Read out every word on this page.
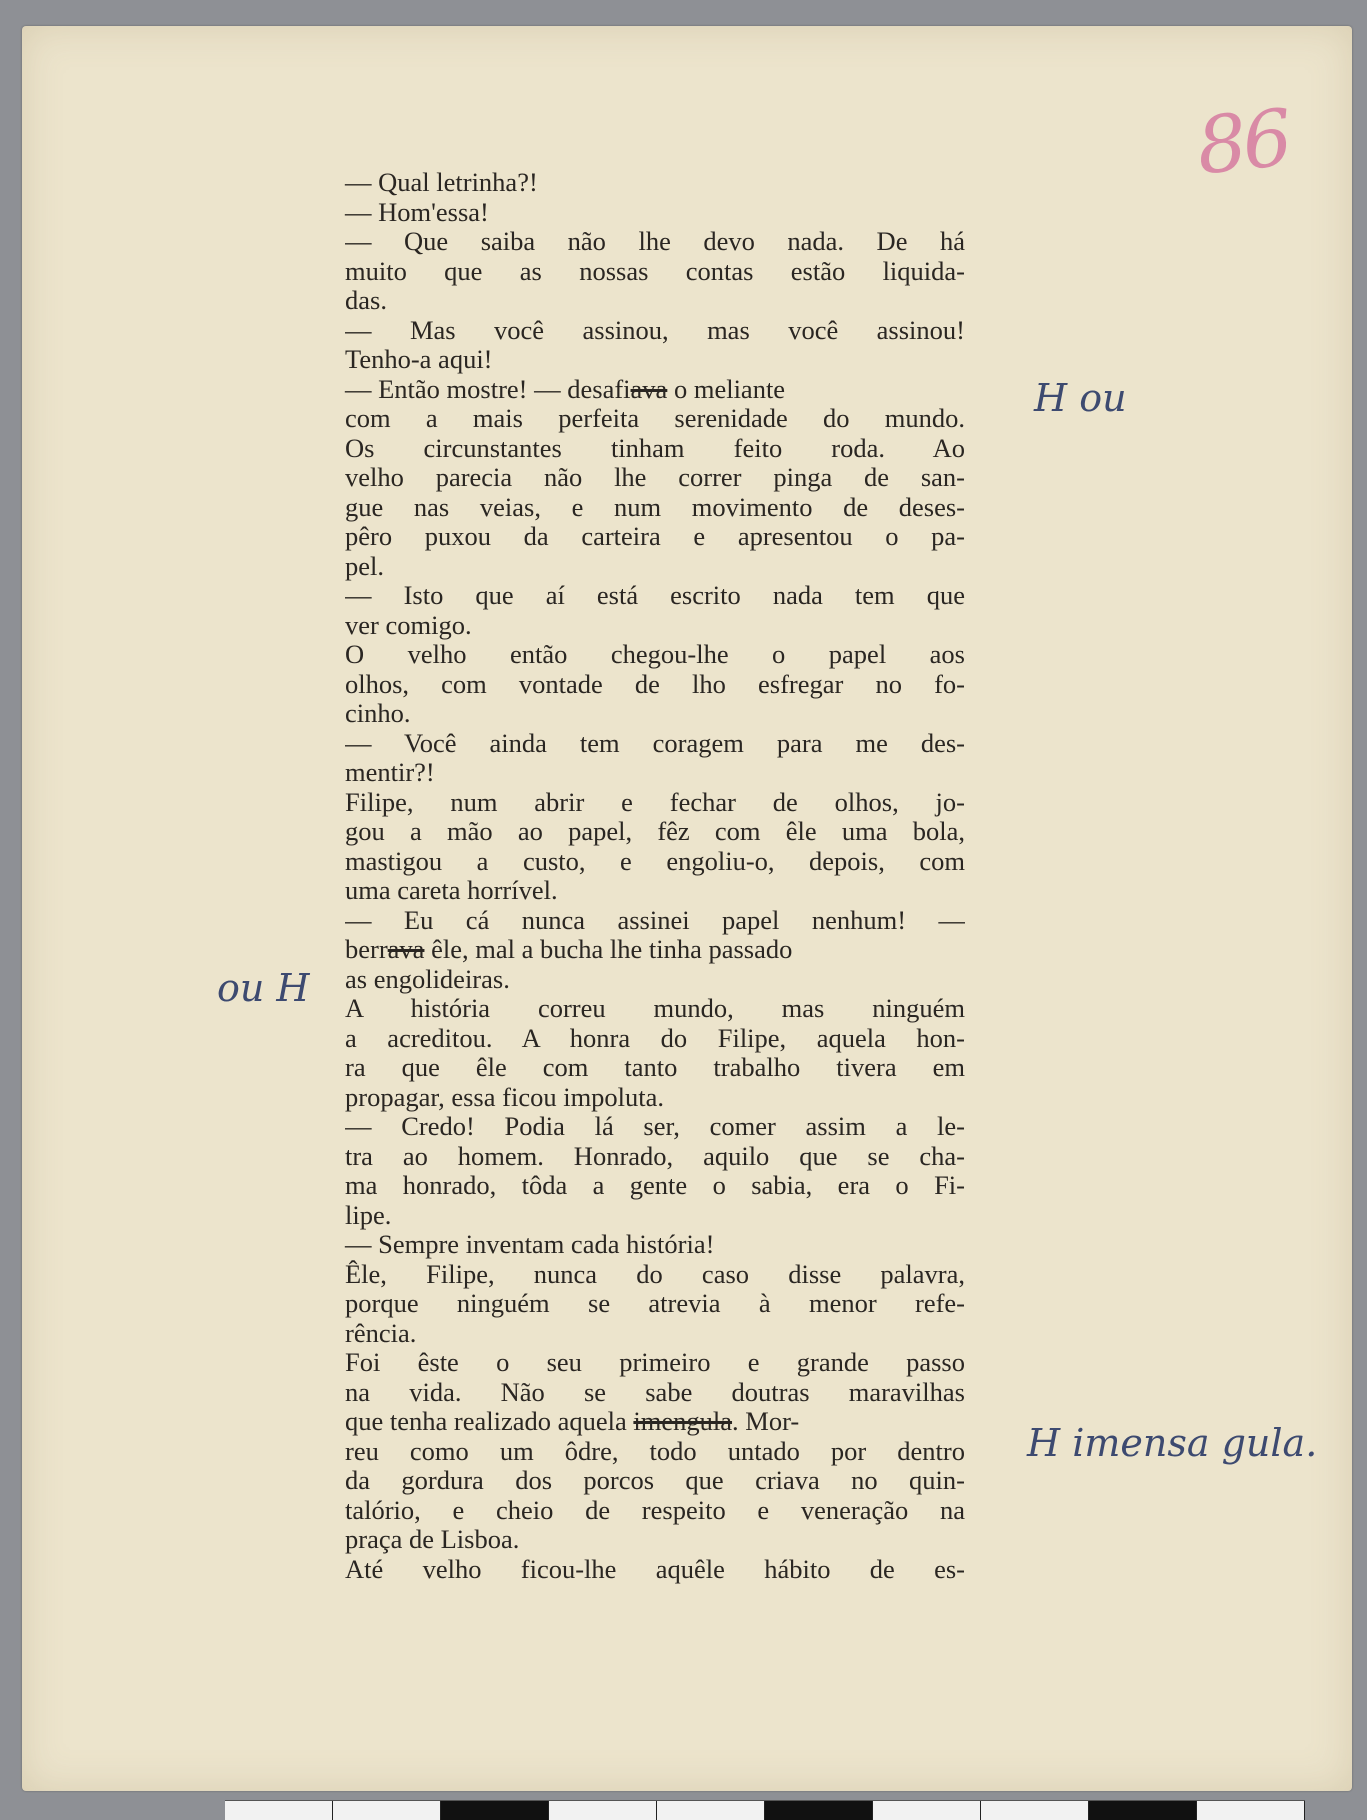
86
H ou
ou H
H imensa gula.
— Qual letrinha?!
— Hom'essa!
— Que saiba não lhe devo nada. De há
muito que as nossas contas estão liquida-
das.
— Mas você assinou, mas você assinou!
Tenho-a aqui!
— Então mostre! — desafiava o meliante
com a mais perfeita serenidade do mundo.
Os circunstantes tinham feito roda. Ao
velho parecia não lhe correr pinga de san-
gue nas veias, e num movimento de deses-
pêro puxou da carteira e apresentou o pa-
pel.
— Isto que aí está escrito nada tem que
ver comigo.
O velho então chegou-lhe o papel aos
olhos, com vontade de lho esfregar no fo-
cinho.
— Você ainda tem coragem para me des-
mentir?!
Filipe, num abrir e fechar de olhos, jo-
gou a mão ao papel, fêz com êle uma bola,
mastigou a custo, e engoliu-o, depois, com
uma careta horrível.
— Eu cá nunca assinei papel nenhum! —
berrava êle, mal a bucha lhe tinha passado
as engolideiras.
A história correu mundo, mas ninguém
a acreditou. A honra do Filipe, aquela hon-
ra que êle com tanto trabalho tivera em
propagar, essa ficou impoluta.
— Credo! Podia lá ser, comer assim a le-
tra ao homem. Honrado, aquilo que se cha-
ma honrado, tôda a gente o sabia, era o Fi-
lipe.
— Sempre inventam cada história!
Êle, Filipe, nunca do caso disse palavra,
porque ninguém se atrevia à menor refe-
rência.
Foi êste o seu primeiro e grande passo
na vida. Não se sabe doutras maravilhas
que tenha realizado aquela imengula. Mor-
reu como um ôdre, todo untado por dentro
da gordura dos porcos que criava no quin-
talório, e cheio de respeito e veneração na
praça de Lisboa.
Até velho ficou-lhe aquêle hábito de es-
